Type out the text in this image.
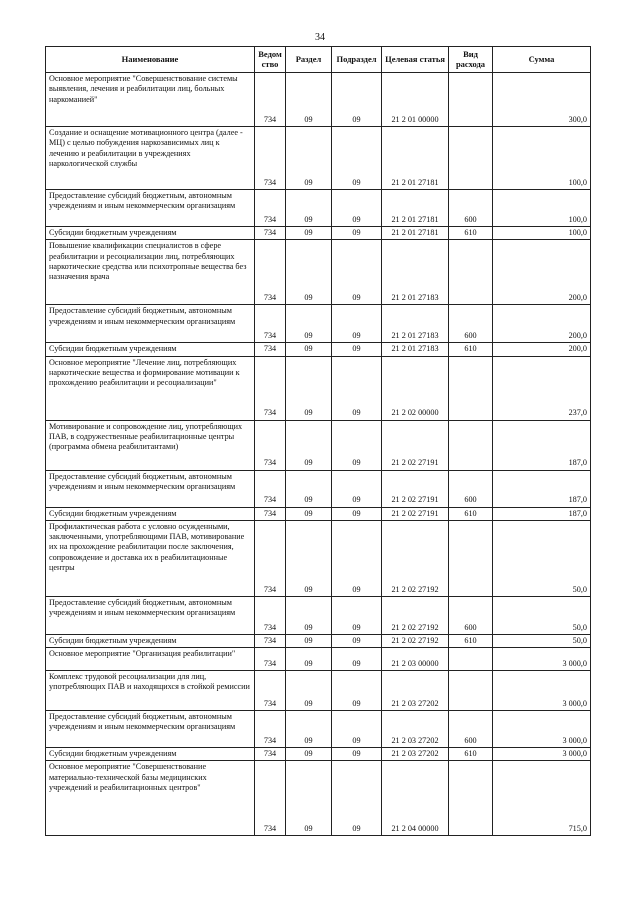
34
Наименование	Ведом ство	Раздел	Подраздел	Целевая статья	Вид расхода	Сумма
Основное мероприятие "Совершенствование системы выявления, лечения и реабилитации лиц, больных наркоманией"	734	09	09	21 2 01 00000		300,0
Создание и оснащение мотивационного центра (далее - МЦ) с целью побуждения наркозависимых лиц к лечению и реабилитации в учреждениях наркологической службы	734	09	09	21 2 01 27181		100,0
Предоставление субсидий бюджетным, автономным учреждениям и иным некоммерческим организациям	734	09	09	21 2 01 27181	600	100,0
Субсидии бюджетным учреждениям	734	09	09	21 2 01 27181	610	100,0
Повышение квалификации специалистов в сфере реабилитации и ресоциализации лиц, потребляющих наркотические средства или психотропные вещества без назначения врача	734	09	09	21 2 01 27183		200,0
Предоставление субсидий бюджетным, автономным учреждениям и иным некоммерческим организациям	734	09	09	21 2 01 27183	600	200,0
Субсидии бюджетным учреждениям	734	09	09	21 2 01 27183	610	200,0
Основное мероприятие "Лечение лиц, потребляющих наркотические вещества и формирование мотивации к прохождению реабилитации и ресоциализации"	734	09	09	21 2 02 00000		237,0
Мотивирование и сопровождение лиц, употребляющих ПАВ, в содружественные реабилитационные центры (программа обмена реабилитантами)	734	09	09	21 2 02 27191		187,0
Предоставление субсидий бюджетным, автономным учреждениям и иным некоммерческим организациям	734	09	09	21 2 02 27191	600	187,0
Субсидии бюджетным учреждениям	734	09	09	21 2 02 27191	610	187,0
Профилактическая работа с условно осужденными, заключенными, употребляющими ПАВ, мотивирование их на прохождение реабилитации после заключения, сопровождение и доставка их в реабилитационные центры	734	09	09	21 2 02 27192		50,0
Предоставление субсидий бюджетным, автономным учреждениям и иным некоммерческим организациям	734	09	09	21 2 02 27192	600	50,0
Субсидии бюджетным учреждениям	734	09	09	21 2 02 27192	610	50,0
Основное мероприятие "Организация реабилитации"	734	09	09	21 2 03 00000		3 000,0
Комплекс трудовой ресоциализации для лиц, употребляющих ПАВ и находящихся в стойкой ремиссии	734	09	09	21 2 03 27202		3 000,0
Предоставление субсидий бюджетным, автономным учреждениям и иным некоммерческим организациям	734	09	09	21 2 03 27202	600	3 000,0
Субсидии бюджетным учреждениям	734	09	09	21 2 03 27202	610	3 000,0
Основное мероприятие "Совершенствование материально-технической базы медицинских учреждений и реабилитационных центров"	734	09	09	21 2 04 00000		715,0
